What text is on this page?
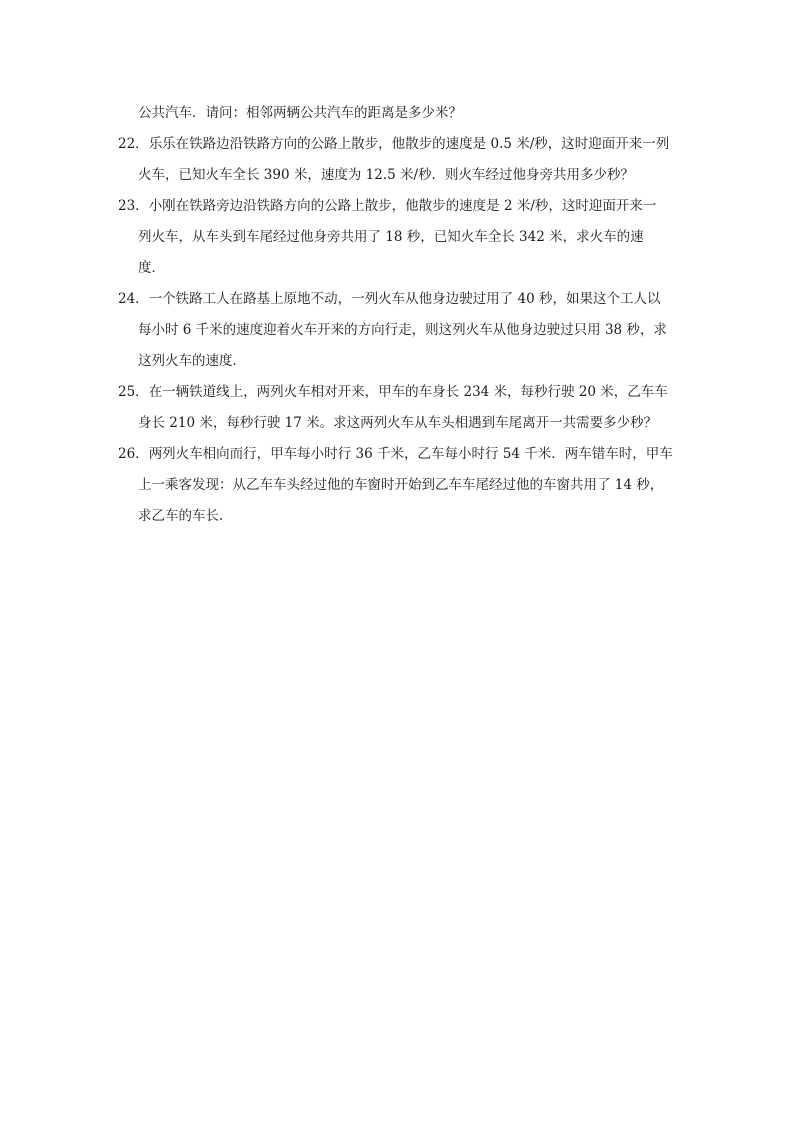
公共汽车．请问：相邻两辆公共汽车的距离是多少米？
22．乐乐在铁路边沿铁路方向的公路上散步，他散步的速度是 0.5 米/秒，这时迎面开来一列
火车，已知火车全长 390 米，速度为 12.5 米/秒．则火车经过他身旁共用多少秒？
23．小刚在铁路旁边沿铁路方向的公路上散步，他散步的速度是 2 米/秒，这时迎面开来一
列火车，从车头到车尾经过他身旁共用了 18 秒，已知火车全长 342 米，求火车的速
度．
24．一个铁路工人在路基上原地不动，一列火车从他身边驶过用了 40 秒，如果这个工人以
每小时 6 千米的速度迎着火车开来的方向行走，则这列火车从他身边驶过只用 38 秒，求
这列火车的速度．
25．在一辆铁道线上，两列火车相对开来，甲车的车身长 234 米，每秒行驶 20 米，乙车车
身长 210 米，每秒行驶 17 米。求这两列火车从车头相遇到车尾离开一共需要多少秒？
26．两列火车相向而行，甲车每小时行 36 千米，乙车每小时行 54 千米．两车错车时，甲车
上一乘客发现：从乙车车头经过他的车窗时开始到乙车车尾经过他的车窗共用了 14 秒，
求乙车的车长．
